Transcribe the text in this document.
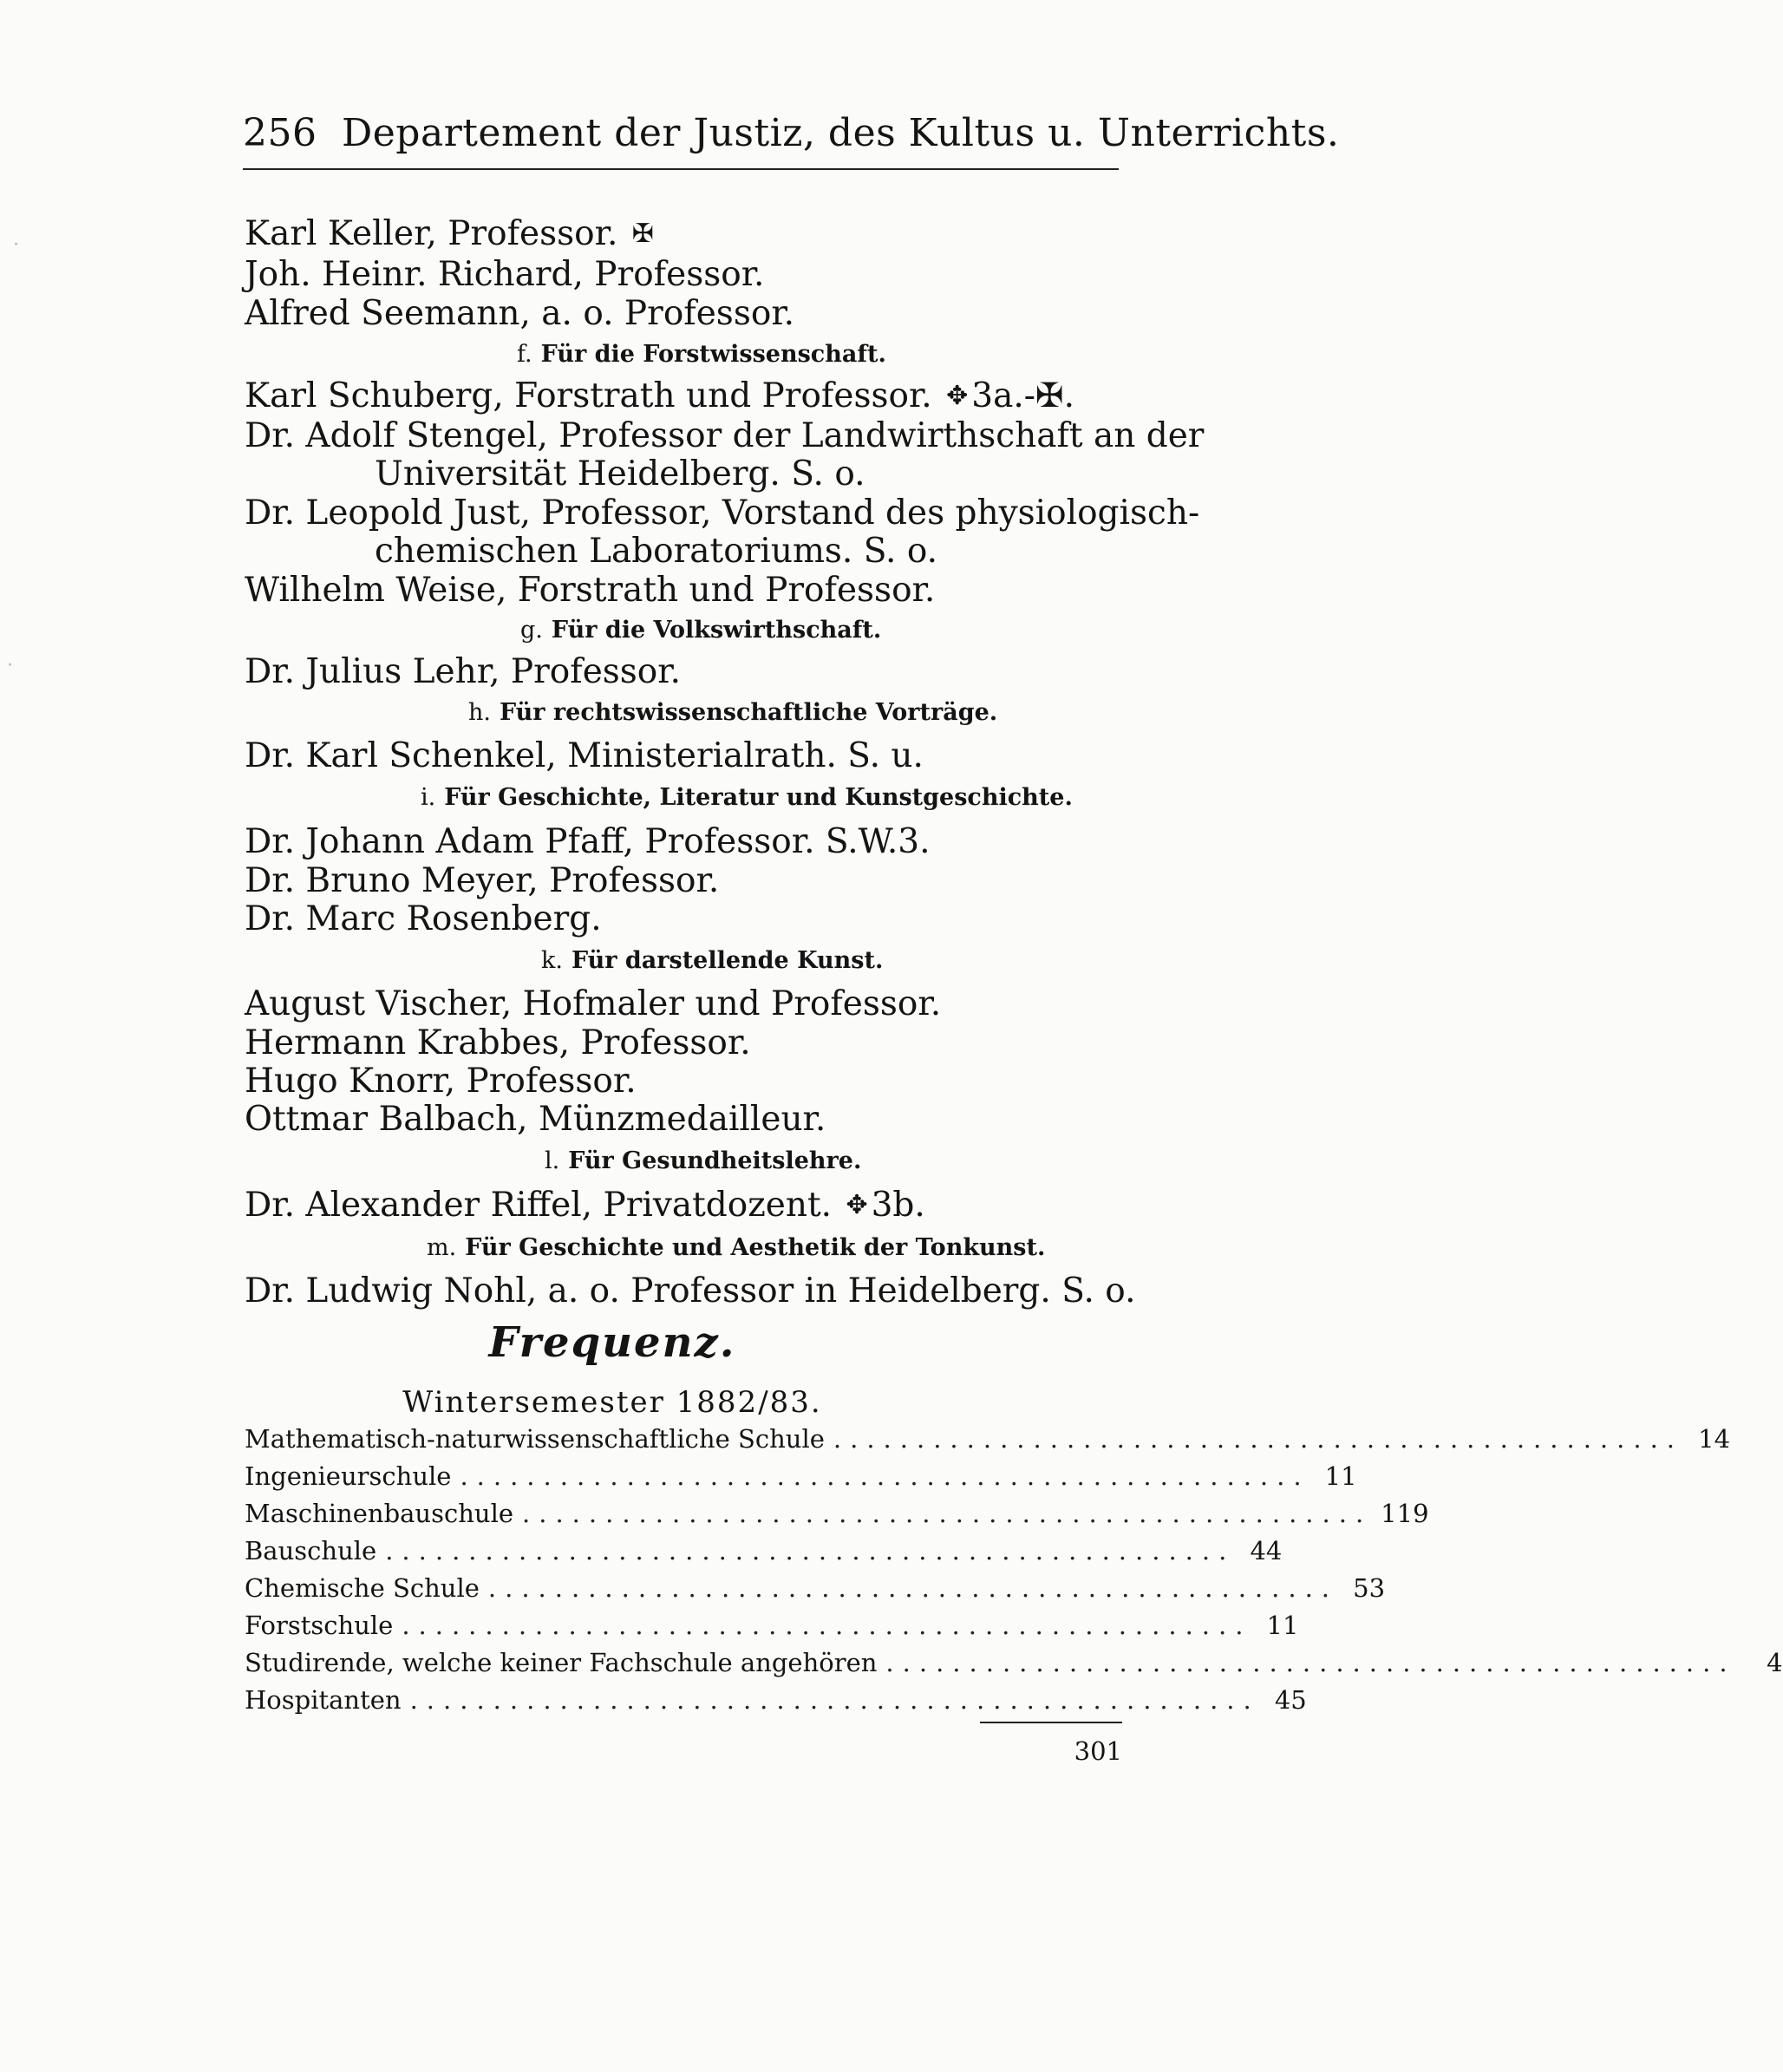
256 Departement der Justiz, des Kultus u. Unterrichts.
·
·
Karl Keller, Professor. ✠
Joh. Heinr. Richard, Professor.
Alfred Seemann, a. o. Professor.
f. Für die Forstwissenschaft.
Karl Schuberg, Forstrath und Professor. ✥ 3a.-✠.
Dr. Adolf Stengel, Professor der Landwirthschaft an der
Universität Heidelberg. S. o.
Dr. Leopold Just, Professor, Vorstand des physiologisch-
chemischen Laboratoriums. S. o.
Wilhelm Weise, Forstrath und Professor.
g. Für die Volkswirthschaft.
Dr. Julius Lehr, Professor.
h. Für rechtswissenschaftliche Vorträge.
Dr. Karl Schenkel, Ministerialrath. S. u.
i. Für Geschichte, Literatur und Kunstgeschichte.
Dr. Johann Adam Pfaff, Professor. S.W.3.
Dr. Bruno Meyer, Professor.
Dr. Marc Rosenberg.
k. Für darstellende Kunst.
August Vischer, Hofmaler und Professor.
Hermann Krabbes, Professor.
Hugo Knorr, Professor.
Ottmar Balbach, Münzmedailleur.
l. Für Gesundheitslehre.
Dr. Alexander Riffel, Privatdozent. ✥ 3b.
m. Für Geschichte und Aesthetik der Tonkunst.
Dr. Ludwig Nohl, a. o. Professor in Heidelberg. S. o.
Frequenz.
Wintersemester 1882/83.
Mathematisch-naturwissenschaftliche Schule ................................................... 14
Ingenieurschule ................................................... 11
Maschinenbauschule ................................................... 119
Bauschule ................................................... 44
Chemische Schule ................................................... 53
Forstschule ................................................... 11
Studirende, welche keiner Fachschule angehören ...................................................	4
Hospitanten ................................................... 45
301
